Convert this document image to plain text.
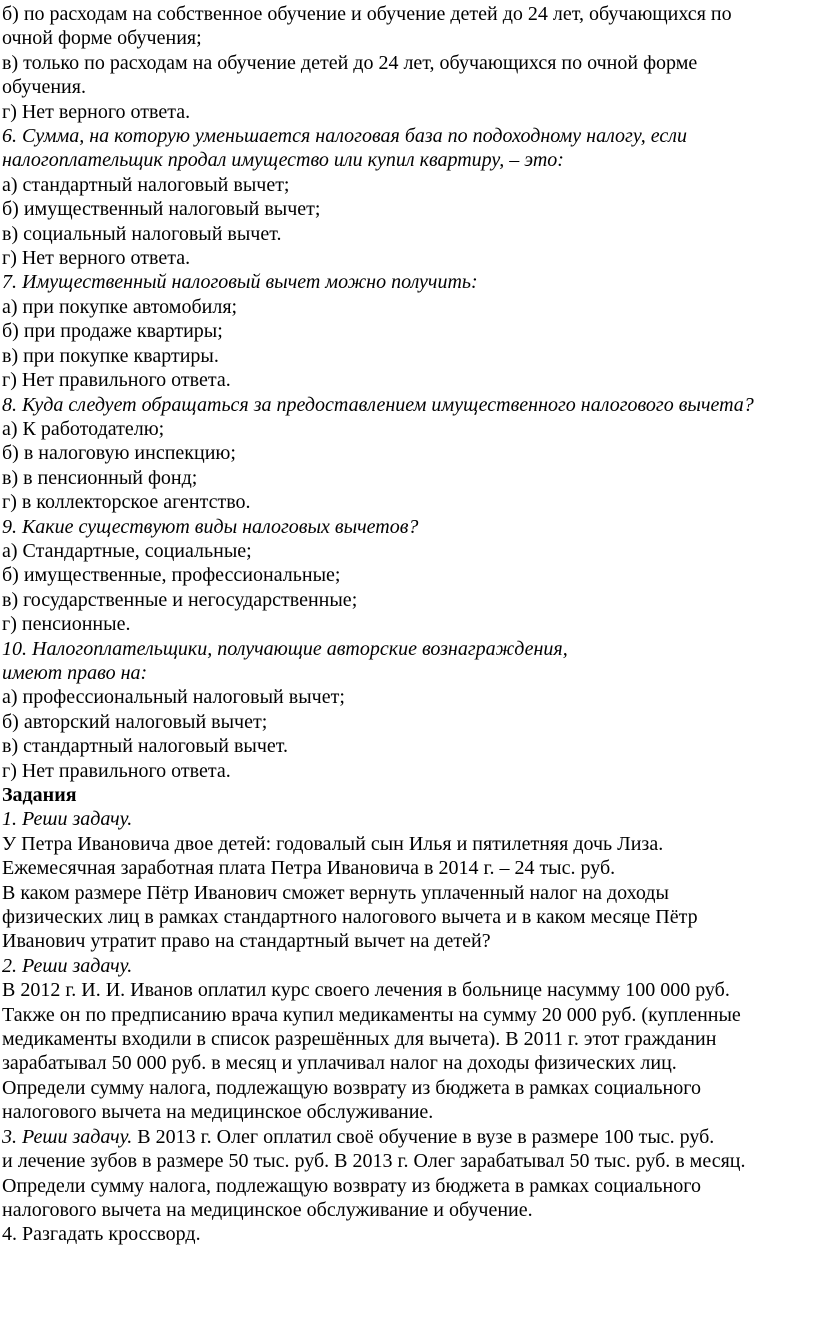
б) по расходам на собственное обучение и обучение детей до 24 лет, обучающихся по

очной форме обучения;

в) только по расходам на обучение детей до 24 лет, обучающихся по очной форме

обучения.

г) Нет верного ответа.

6. Сумма, на которую уменьшается налоговая база по подоходному налогу, если

налогоплательщик продал имущество или купил квартиру, – это:

а) стандартный налоговый вычет;

б) имущественный налоговый вычет;

в) социальный налоговый вычет.

г) Нет верного ответа.

7. Имущественный налоговый вычет можно получить:

а) при покупке автомобиля;

б) при продаже квартиры;

в) при покупке квартиры.

г) Нет правильного ответа.

8. Куда следует обращаться за предоставлением имущественного налогового вычета?

а) К работодателю;

б) в налоговую инспекцию;

в) в пенсионный фонд;

г) в коллекторское агентство.

9. Какие существуют виды налоговых вычетов?

а) Стандартные, социальные;

б) имущественные, профессиональные;

в) государственные и негосударственные;

г) пенсионные.

10. Налогоплательщики, получающие авторские вознаграждения,

имеют право на:

а) профессиональный налоговый вычет;

б) авторский налоговый вычет;

в) стандартный налоговый вычет.

г) Нет правильного ответа.

Задания

1. Реши задачу.

У Петра Ивановича двое детей: годовалый сын Илья и пятилетняя дочь Лиза.

Ежемесячная заработная плата Петра Ивановича в 2014 г. – 24 тыс. руб.

В каком размере Пётр Иванович сможет вернуть уплаченный налог на доходы

физических лиц в рамках стандартного налогового вычета и в каком месяце Пётр

Иванович утратит право на стандартный вычет на детей?

2. Реши задачу.

В 2012 г. И. И. Иванов оплатил курс своего лечения в больнице насумму 100 000 руб.

Также он по предписанию врача купил медикаменты на сумму 20 000 руб. (купленные

медикаменты входили в список разрешённых для вычета). В 2011 г. этот гражданин

зарабатывал 50 000 руб. в месяц и уплачивал налог на доходы физических лиц.

Определи сумму налога, подлежащую возврату из бюджета в рамках социального

налогового вычета на медицинское обслуживание.

3. Реши задачу. В 2013 г. Олег оплатил своё обучение в вузе в размере 100 тыс. руб.

и лечение зубов в размере 50 тыс. руб. В 2013 г. Олег зарабатывал 50 тыс. руб. в месяц.

Определи сумму налога, подлежащую возврату из бюджета в рамках социального

налогового вычета на медицинское обслуживание и обучение.

4. Разгадать кроссворд.
